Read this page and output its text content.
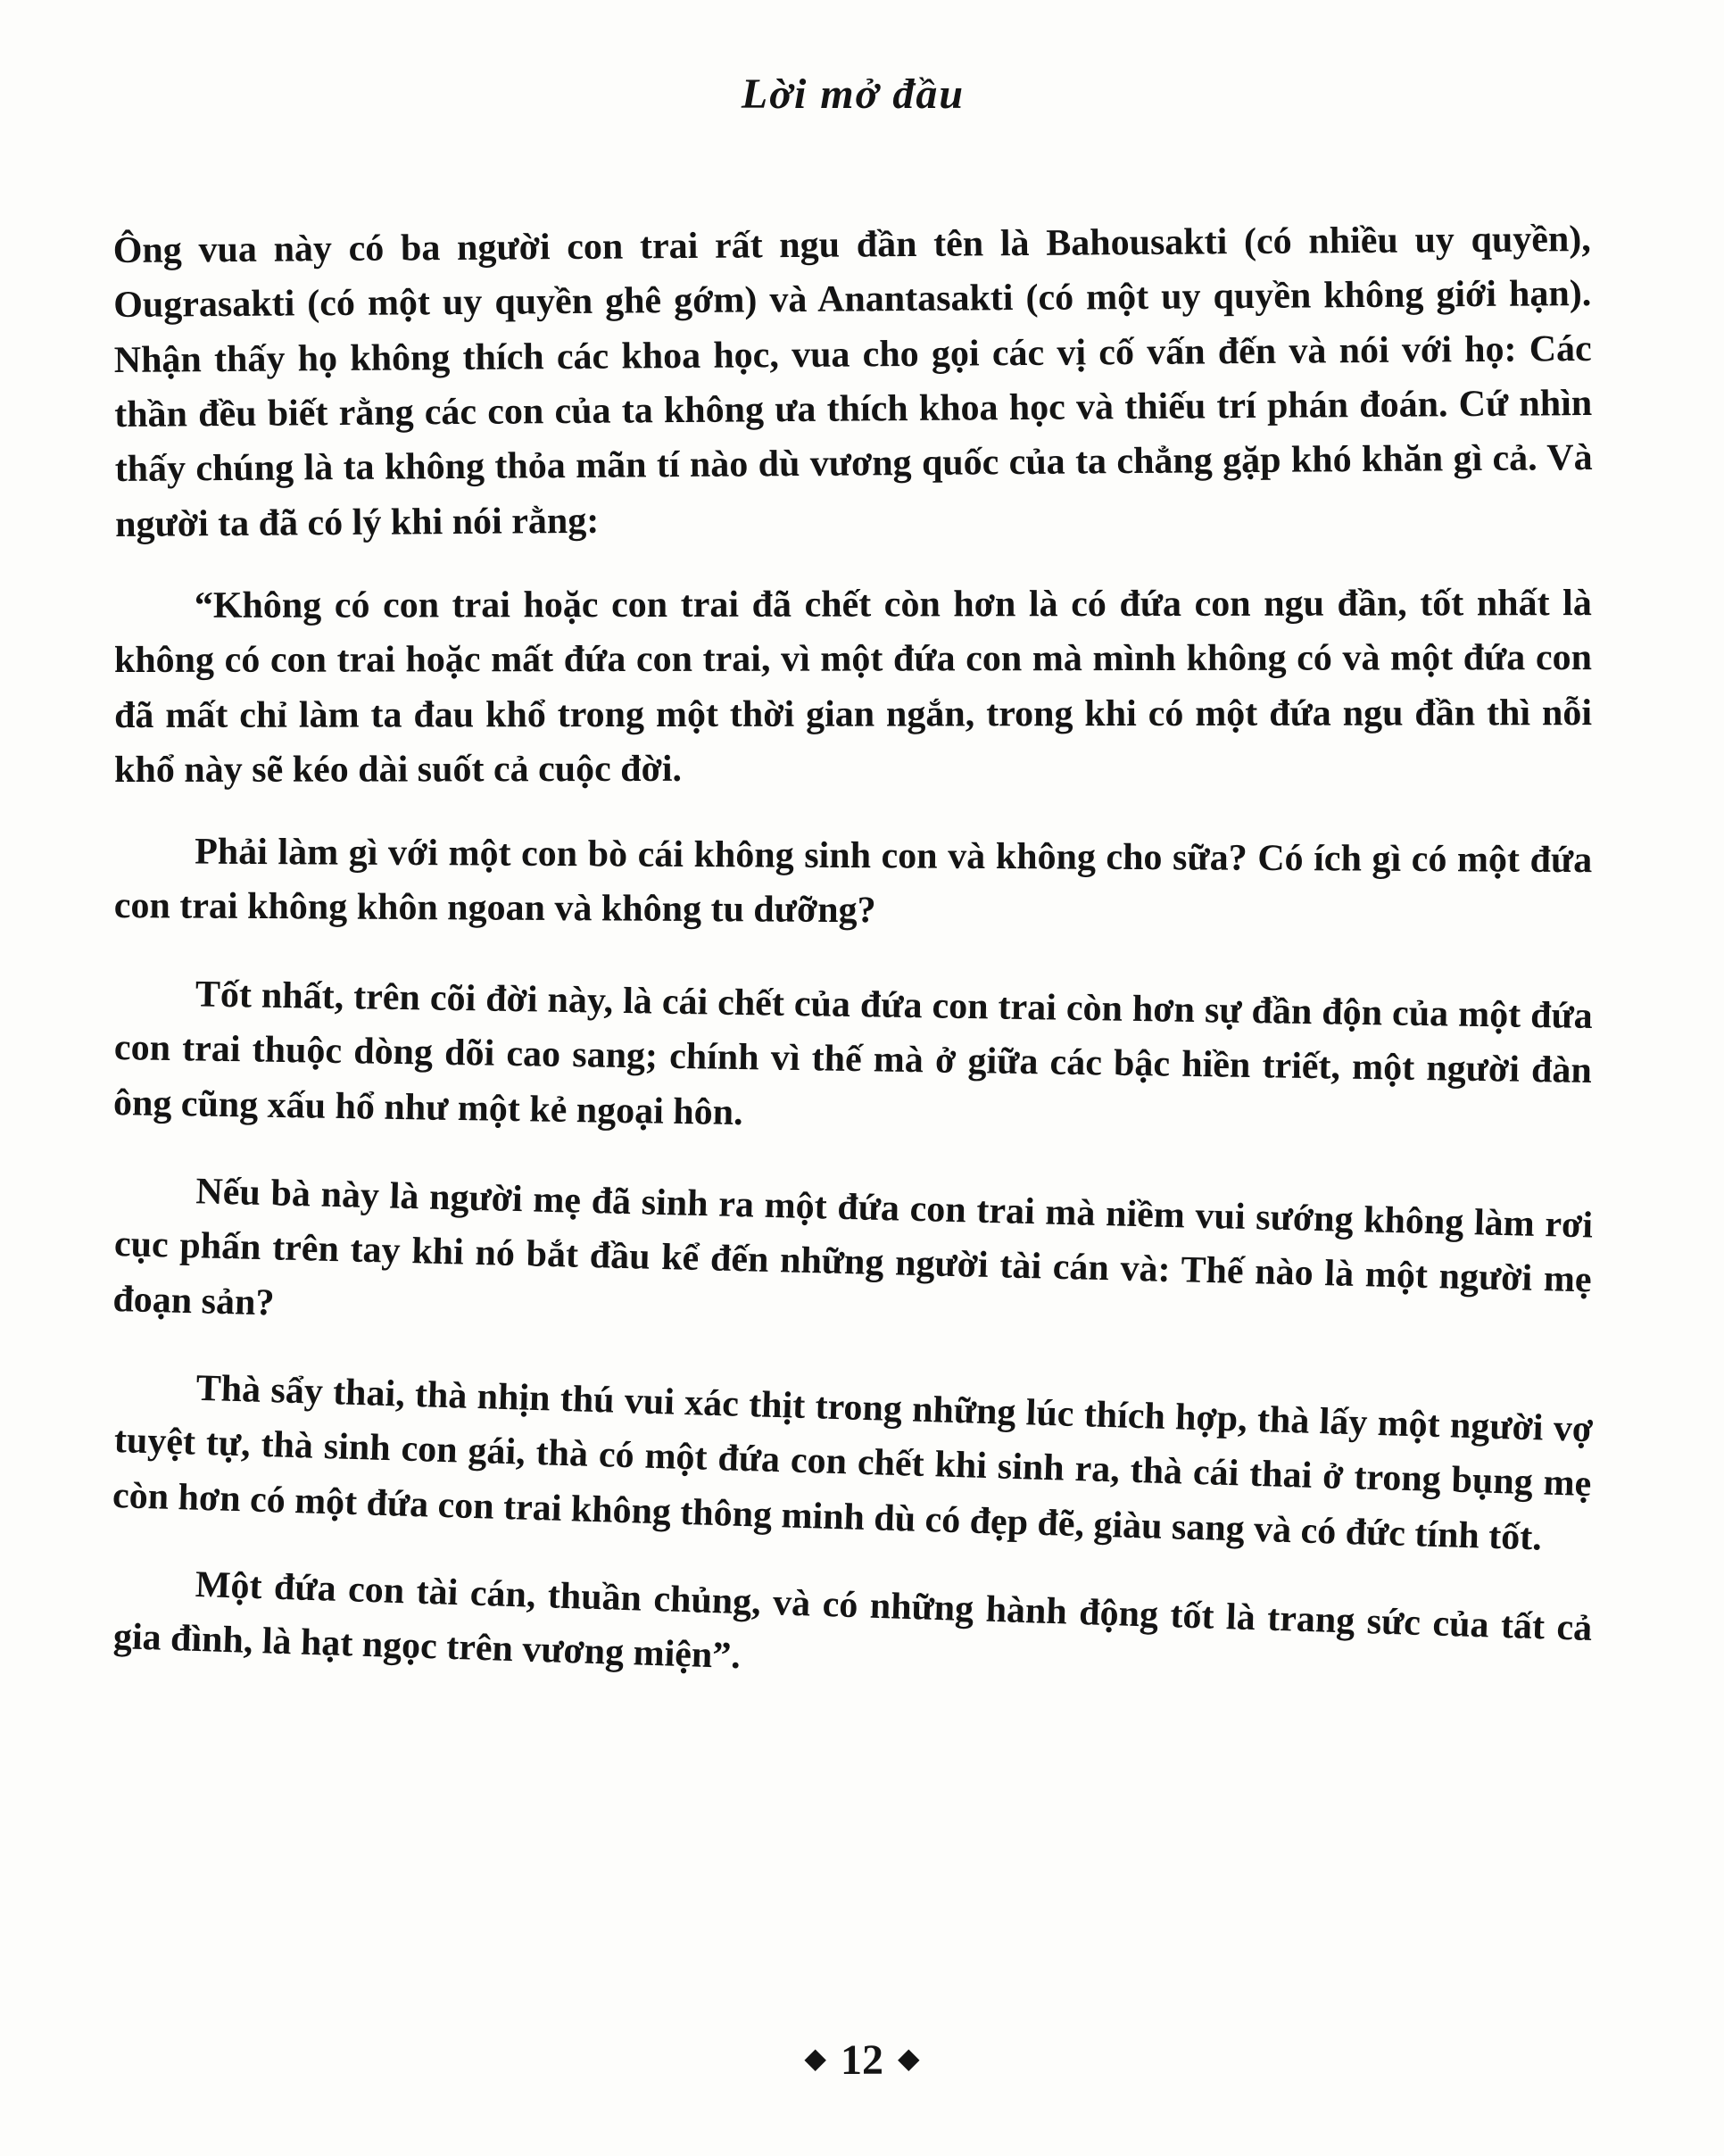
Lời mở đầu

Ông vua này có ba người con trai rất ngu đần tên là Bahousakti (có nhiều uy quyền), Ougrasakti (có một uy quyền ghê gớm) và Anantasakti (có một uy quyền không giới hạn). Nhận thấy họ không thích các khoa học, vua cho gọi các vị cố vấn đến và nói với họ: Các thần đều biết rằng các con của ta không ưa thích khoa học và thiếu trí phán đoán. Cứ nhìn thấy chúng là ta không thỏa mãn tí nào dù vương quốc của ta chẳng gặp khó khăn gì cả. Và người ta đã có lý khi nói rằng:

“Không có con trai hoặc con trai đã chết còn hơn là có đứa con ngu đần, tốt nhất là không có con trai hoặc mất đứa con trai, vì một đứa con mà mình không có và một đứa con đã mất chỉ làm ta đau khổ trong một thời gian ngắn, trong khi có một đứa ngu đần thì nỗi khổ này sẽ kéo dài suốt cả cuộc đời.

Phải làm gì với một con bò cái không sinh con và không cho sữa? Có ích gì có một đứa con trai không khôn ngoan và không tu dưỡng?

Tốt nhất, trên cõi đời này, là cái chết của đứa con trai còn hơn sự đần độn của một đứa con trai thuộc dòng dõi cao sang; chính vì thế mà ở giữa các bậc hiền triết, một người đàn ông cũng xấu hổ như một kẻ ngoại hôn.

Nếu bà này là người mẹ đã sinh ra một đứa con trai mà niềm vui sướng không làm rơi cục phấn trên tay khi nó bắt đầu kể đến những người tài cán và: Thế nào là một người mẹ đoạn sản?

Thà sẩy thai, thà nhịn thú vui xác thịt trong những lúc thích hợp, thà lấy một người vợ tuyệt tự, thà sinh con gái, thà có một đứa con chết khi sinh ra, thà cái thai ở trong bụng mẹ còn hơn có một đứa con trai không thông minh dù có đẹp đẽ, giàu sang và có đức tính tốt.

Một đứa con tài cán, thuần chủng, và có những hành động tốt là trang sức của tất cả gia đình, là hạt ngọc trên vương miện”.

◆ 12 ◆
